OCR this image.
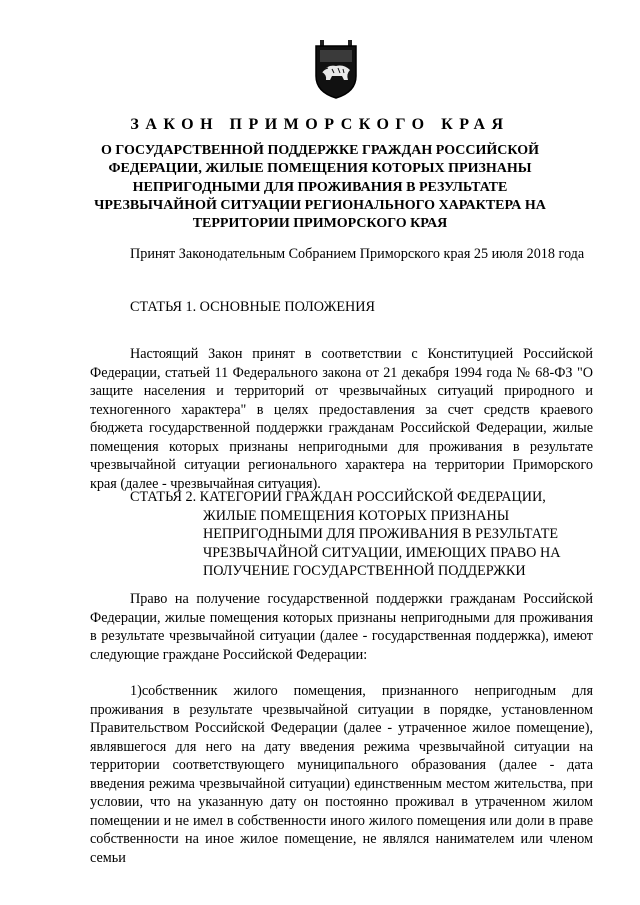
ЗАКОН ПРИМОРСКОГО КРАЯ
О ГОСУДАРСТВЕННОЙ ПОДДЕРЖКЕ ГРАЖДАН РОССИЙСКОЙ ФЕДЕРАЦИИ, ЖИЛЫЕ ПОМЕЩЕНИЯ КОТОРЫХ ПРИЗНАНЫ НЕПРИГОДНЫМИ ДЛЯ ПРОЖИВАНИЯ В РЕЗУЛЬТАТЕ ЧРЕЗВЫЧАЙНОЙ СИТУАЦИИ РЕГИОНАЛЬНОГО ХАРАКТЕРА НА ТЕРРИТОРИИ ПРИМОРСКОГО КРАЯ

Принят Законодательным Собранием Приморского края 25 июля 2018 года

СТАТЬЯ 1. ОСНОВНЫЕ ПОЛОЖЕНИЯ

Настоящий Закон принят в соответствии с Конституцией Российской Федерации, статьей 11 Федерального закона от 21 декабря 1994 года № 68-ФЗ "О защите населения и территорий от чрезвычайных ситуаций природного и техногенного характера" в целях предоставления за счет средств краевого бюджета государственной поддержки гражданам Российской Федерации, жилые помещения которых признаны непригодными для проживания в результате чрезвычайной ситуации регионального характера на территории Приморского края (далее - чрезвычайная ситуация).

СТАТЬЯ 2. КАТЕГОРИИ ГРАЖДАН РОССИЙСКОЙ ФЕДЕРАЦИИ,
ЖИЛЫЕ ПОМЕЩЕНИЯ КОТОРЫХ ПРИЗНАНЫ НЕПРИГОДНЫМИ ДЛЯ ПРОЖИВАНИЯ В РЕЗУЛЬТАТЕ ЧРЕЗВЫЧАЙНОЙ СИТУАЦИИ, ИМЕЮЩИХ ПРАВО НА ПОЛУЧЕНИЕ ГОСУДАРСТВЕННОЙ ПОДДЕРЖКИ

Право на получение государственной поддержки гражданам Российской Федерации, жилые помещения которых признаны непригодными для проживания в результате чрезвычайной ситуации (далее - государственная поддержка), имеют следующие граждане Российской Федерации:

1)собственник жилого помещения, признанного непригодным для проживания в результате чрезвычайной ситуации в порядке, установленном Правительством Российской Федерации (далее - утраченное жилое помещение), являвшегося для него на дату введения режима чрезвычайной ситуации на территории соответствующего муниципального образования (далее - дата введения режима чрезвычайной ситуации) единственным местом жительства, при условии, что на указанную дату он постоянно проживал в утраченном жилом помещении и не имел в собственности иного жилого помещения или доли в праве собственности на иное жилое помещение, не являлся нанимателем или членом семьи
